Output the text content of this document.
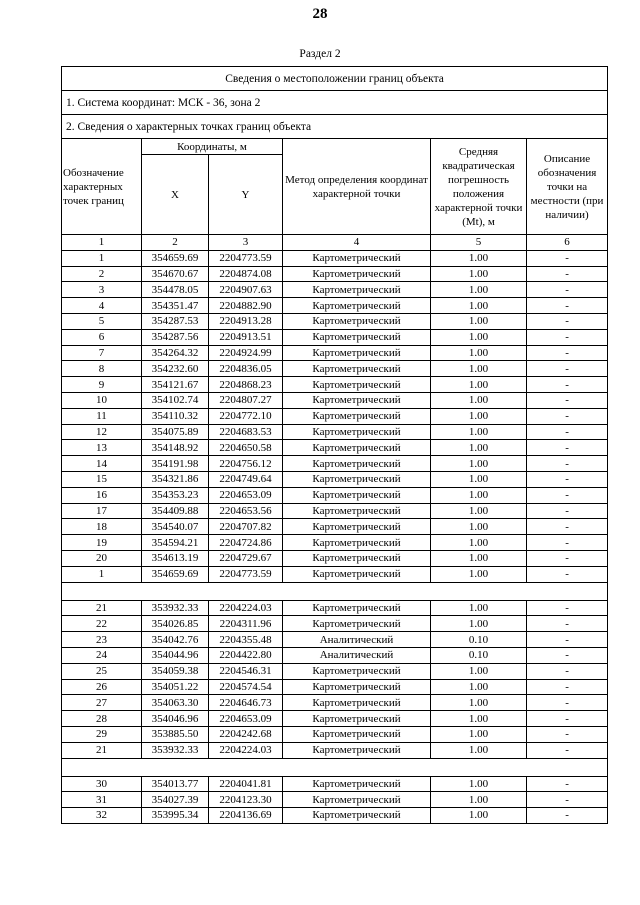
28
Раздел 2
Сведения о местоположении границ объекта					
1. Система координат: МСК - 36, зона 2					
2. Сведения о характерных точках границ объекта					
Обозначение характерных точек границ	Координаты, м		Метод определения координат характерной точки	Средняя квадратическая погрешность положения характерной точки (Mt), м	Описание обозначения точки на местности (при наличии)
	X	Y			
1	2	3	4	5	6
1	354659.69	2204773.59	Картометрический	1.00	-
2	354670.67	2204874.08	Картометрический	1.00	-
3	354478.05	2204907.63	Картометрический	1.00	-
4	354351.47	2204882.90	Картометрический	1.00	-
5	354287.53	2204913.28	Картометрический	1.00	-
6	354287.56	2204913.51	Картометрический	1.00	-
7	354264.32	2204924.99	Картометрический	1.00	-
8	354232.60	2204836.05	Картометрический	1.00	-
9	354121.67	2204868.23	Картометрический	1.00	-
10	354102.74	2204807.27	Картометрический	1.00	-
11	354110.32	2204772.10	Картометрический	1.00	-
12	354075.89	2204683.53	Картометрический	1.00	-
13	354148.92	2204650.58	Картометрический	1.00	-
14	354191.98	2204756.12	Картометрический	1.00	-
15	354321.86	2204749.64	Картометрический	1.00	-
16	354353.23	2204653.09	Картометрический	1.00	-
17	354409.88	2204653.56	Картометрический	1.00	-
18	354540.07	2204707.82	Картометрический	1.00	-
19	354594.21	2204724.86	Картометрический	1.00	-
20	354613.19	2204729.67	Картометрический	1.00	-
1	354659.69	2204773.59	Картометрический	1.00	-

21	353932.33	2204224.03	Картометрический	1.00	-
22	354026.85	2204311.96	Картометрический	1.00	-
23	354042.76	2204355.48	Аналитический	0.10	-
24	354044.96	2204422.80	Аналитический	0.10	-
25	354059.38	2204546.31	Картометрический	1.00	-
26	354051.22	2204574.54	Картометрический	1.00	-
27	354063.30	2204646.73	Картометрический	1.00	-
28	354046.96	2204653.09	Картометрический	1.00	-
29	353885.50	2204242.68	Картометрический	1.00	-
21	353932.33	2204224.03	Картометрический	1.00	-

30	354013.77	2204041.81	Картометрический	1.00	-
31	354027.39	2204123.30	Картометрический	1.00	-
32	353995.34	2204136.69	Картометрический	1.00	-
